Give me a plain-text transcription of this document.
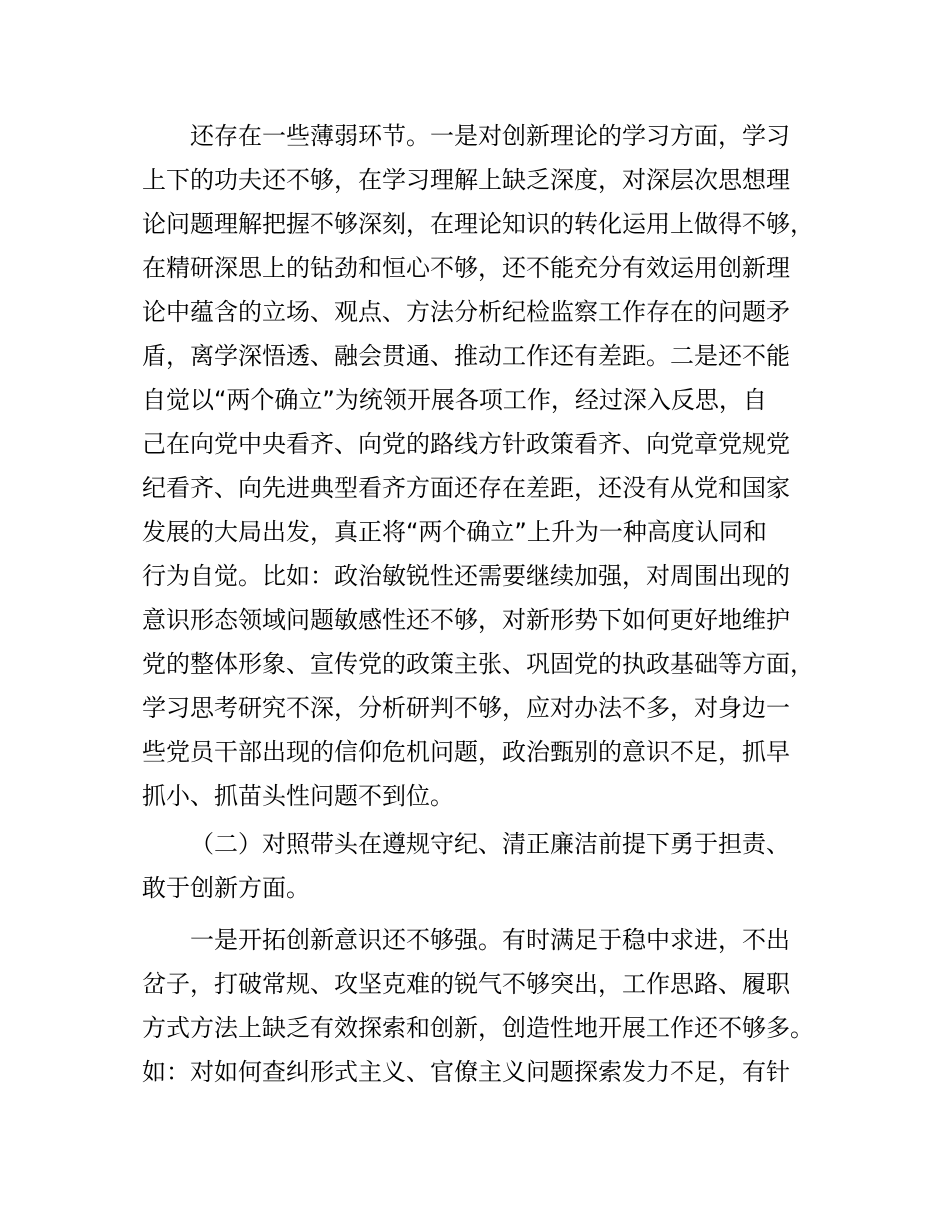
还存在一些薄弱环节。一是对创新理论的学习方面，学习

上下的功夫还不够，在学习理解上缺乏深度，对深层次思想理

论问题理解把握不够深刻，在理论知识的转化运用上做得不够，

在精研深思上的钻劲和恒心不够，还不能充分有效运用创新理

论中蕴含的立场、观点、方法分析纪检监察工作存在的问题矛

盾，离学深悟透、融会贯通、推动工作还有差距。二是还不能

自觉以“两个确立”为统领开展各项工作，经过深入反思，自

己在向党中央看齐、向党的路线方针政策看齐、向党章党规党

纪看齐、向先进典型看齐方面还存在差距，还没有从党和国家

发展的大局出发，真正将“两个确立”上升为一种高度认同和

行为自觉。比如：政治敏锐性还需要继续加强，对周围出现的

意识形态领域问题敏感性还不够，对新形势下如何更好地维护

党的整体形象、宣传党的政策主张、巩固党的执政基础等方面，

学习思考研究不深，分析研判不够，应对办法不多，对身边一

些党员干部出现的信仰危机问题，政治甄别的意识不足，抓早

抓小、抓苗头性问题不到位。

（二）对照带头在遵规守纪、清正廉洁前提下勇于担责、

敢于创新方面。

一是开拓创新意识还不够强。有时满足于稳中求进，不出

岔子，打破常规、攻坚克难的锐气不够突出，工作思路、履职

方式方法上缺乏有效探索和创新，创造性地开展工作还不够多。

如：对如何查纠形式主义、官僚主义问题探索发力不足，有针
